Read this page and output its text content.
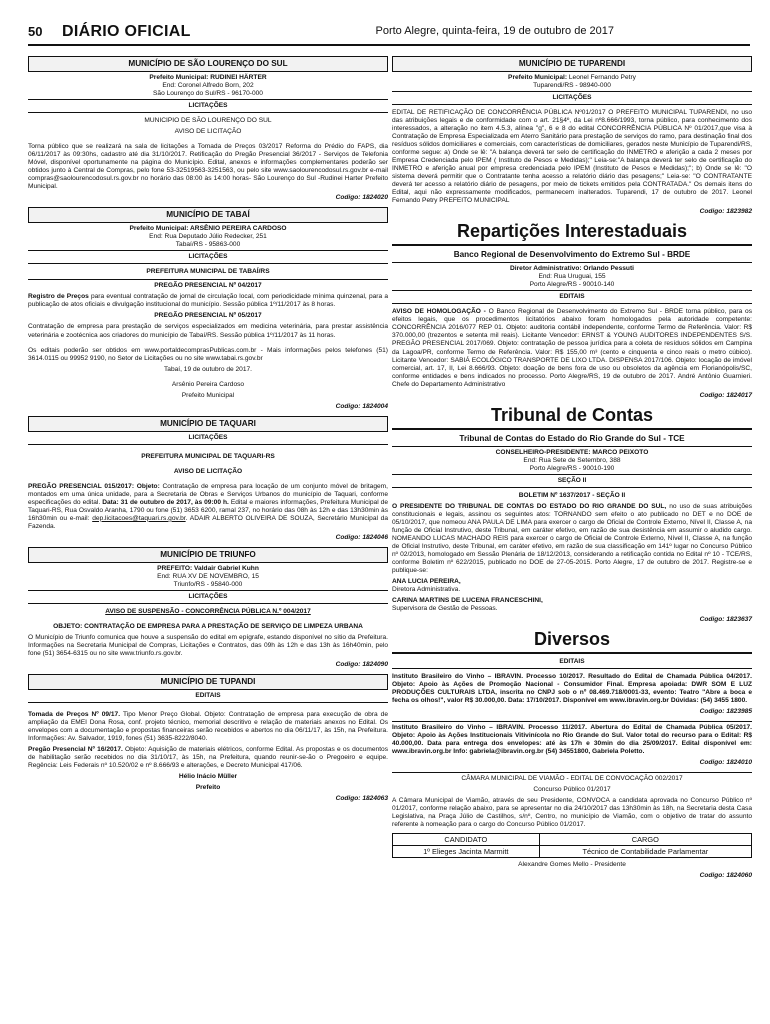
50 DIÁRIO OFICIAL	Porto Alegre, quinta-feira, 19 de outubro de 2017
MUNICÍPIO DE SÃO LOURENÇO DO SUL
Prefeito Municipal: RUDINEI HÄRTER
End: Coronel Alfredo Born, 202
São Lourenço do Sul/RS - 96170-000
LICITAÇÕES

MUNICIPIO DE SÃO LOURENÇO DO SUL

AVISO DE LICITAÇÃO

Torna público que se realizará na sala de licitações a Tomada de Preços 03/2017 Reforma do Prédio do FAPS, dia 06/11/2017 às 09:30hs, cadastro até dia 31/10/2017. Retificação do Pregão Presencial 36/2017 - Serviços de Telefonia Móvel, disponível oportunamente na página do Município. Edital, anexos e informações complementares poderão ser obtidos junto à Central de Compras, pelo fone 53-32519563-3251563, ou pelo site www.saolourencodosul.rs.gov.br e-mail compras@saolourencodosul.rs.gov.br no horário das 08:00 às 14:00 horas- São Lourenço do Sul -Rudinei Harter Prefeito Municipal.

Codigo: 1824020
MUNICÍPIO DE TABAÍ
Prefeito Municipal: ARSÊNIO PEREIRA CARDOSO
End: Rua Deputado Júlio Redecker, 251
Tabaí/RS - 95863-000
LICITAÇÕES

PREFEITURA MUNICIPAL DE TABAÍ/RS

PREGÃO PRESENCIAL Nº 04/2017

Registro de Preços para eventual contratação de jornal de circulação local, com periodicidade mínima quinzenal, para a publicação de atos oficiais e divulgação institucional do município. Sessão pública 1º/11/2017 às 8 horas.

PREGÃO PRESENCIAL Nº 05/2017

Contratação de empresa para prestação de serviços especializados em medicina veterinária, para prestar assistência veterinária e zootécnica aos criadores do município de Tabaí/RS. Sessão pública 1º/11/2017 às 11 horas.

Os editais poderão ser obtidos em www.portaldecomprasPublicas.com.br - Mais informações pelos telefones (51) 3614.0115 ou 99952 9190, no Setor de Licitações ou no site www.tabai.rs.gov.br

Tabaí, 19 de outubro de 2017.

Arsênio Pereira Cardoso

Prefeito Municipal

Codigo: 1824004
MUNICÍPIO DE TAQUARI
LICITAÇÕES

PREFEITURA MUNICIPAL DE TAQUARI-RS

AVISO DE LICITAÇÃO

PREGÃO PRESENCIAL 015/2017: Objeto: Contratação de empresa para locação de um conjunto móvel de britagem, montados em uma única unidade, para a Secretaria de Obras e Serviços Urbanos do município de Taquari, conforme especificações do edital. Data: 31 de outubro de 2017, às 09:00 h. Edital e maiores informações, Prefeitura Municipal de Taquari-RS, Rua Osvaldo Aranha, 1790 ou fone (51) 3653 6200, ramal 237, no horário das 08h às 12h e das 13h30min às 16h30min ou e-mail: dep.licitacoes@taquari.rs.gov.br. ADAIR ALBERTO OLIVEIRA DE SOUZA, Secretário Municipal da Fazenda.

Codigo: 1824046
MUNICÍPIO DE TRIUNFO
PREFEITO: Valdair Gabriel Kuhn
End: RUA XV DE NOVEMBRO, 15
Triunfo/RS - 95840-000
LICITAÇÕES

AVISO DE SUSPENSÃO - CONCORRÊNCIA PÚBLICA N.º 004/2017

OBJETO: CONTRATAÇÃO DE EMPRESA PARA A PRESTAÇÃO DE SERVIÇO DE LIMPEZA URBANA

O Município de Triunfo comunica que houve a suspensão do edital em epígrafe, estando disponível no sítio da Prefeitura. Informações na Secretaria Municipal de Compras, Licitações e Contratos, das 09h às 12h e das 13h às 16h40min, pelo fone (51) 3654-6315 ou no site www.triunfo.rs.gov.br.

Codigo: 1824090
MUNICÍPIO DE TUPANDI
EDITAIS

Tomada de Preços Nº 09/17. Tipo Menor Preço Global. Objeto: Contratação de empresa para execução de obra de ampliação da EMEI Dona Rosa, conf. projeto técnico, memorial descritivo e relação de materiais anexos no Edital. Os envelopes com a documentação e propostas financeiras serão recebidos e abertos no dia 06/11/17, às 15h, na Prefeitura. Informações: Av. Salvador, 1919, fones (51) 3635-8222/8040.

Pregão Presencial Nº 16/2017. Objeto: Aquisição de materiais elétricos, conforme Edital. As propostas e os documentos de habilitação serão recebidos no dia 31/10/17, às 15h, na Prefeitura, quando reunir-se-ão o Pregoeiro e equipe. Regência: Leis Federais nº 10.520/02 e nº 8.666/93 e alterações, e Decreto Municipal 417/06.

Hélio Inácio Müller

Prefeito

Codigo: 1824063
MUNICÍPIO DE TUPARENDI
Prefeito Municipal: Leonel Fernando Petry
Tuparendi/RS - 98940-000
LICITAÇÕES

EDITAL DE RETIFICAÇÃO DE CONCORRÊNCIA PÚBLICA Nº01/2017 O PREFEITO MUNICIPAL TUPARENDI, no uso das atribuições legais e de conformidade com o art. 21§4º, da Lei nº8.666/1993, torna público, para conhecimento dos interessados, a alteração no item 4.5.3, alínea "g", 6 e 8 do edital CONCORRÊNCIA PÚBLICA Nº 01/2017,que visa à Contratação de Empresa Especializada em Aterro Sanitário para prestação de serviços do ramo, para destinação final dos resíduos sólidos domiciliares e comerciais, com características de domiciliares, gerados neste Município de Tuparendi/RS, conforme segue: a) Onde se lê: "A balança deverá ter selo de certificação do INMETRO e aferição a cada 2 meses por Empresa Credenciada pelo IPEM ( Instituto de Pesos e Medidas);" Leia-se:"A balança deverá ter selo de certificação do INMETRO e aferição anual por empresa credenciada pelo IPEM (Instituto de Pesos e Medidas);"; b) Onde se lê: "O sistema deverá permitir que o Contratante tenha acesso a relatório diário das pesagens;" Leia-se: "O CONTRATANTE deverá ter acesso a relatório diário de pesagens, por meio de tickets emitidos pela CONTRATADA." Os demais itens do Edital, aqui não expressamente modificados, permanecem inalterados. Tuparendi, 17 de outubro de 2017. Leonel Fernando Petry PREFEITO MUNICIPAL

Codigo: 1823982
Repartições Interestaduais
Banco Regional de Desenvolvimento do Extremo Sul - BRDE
Diretor Administrativo: Orlando Pessuti
End: Rua Uruguai, 155
Porto Alegre/RS - 90010-140
EDITAIS

AVISO DE HOMOLOGAÇÃO - O Banco Regional de Desenvolvimento do Extremo Sul - BRDE torna público, para os efeitos legais, que os procedimentos licitatórios abaixo foram homologados pela autoridade competente: CONCORRÊNCIA 2016/077 REP 01. Objeto: auditoria contábil independente, conforme Termo de Referência. Valor: R$ 370.000,00 (trezentos e setenta mil reais). Licitante Vencedor: ERNST & YOUNG AUDITORES INDEPENDENTES S/S. PREGÃO PRESENCIAL 2017/069. Objeto: contratação de pessoa jurídica para a coleta de resíduos sólidos em Campina da Lagoa/PR, conforme Termo de Referência. Valor: R$ 155,00 m³ (cento e cinquenta e cinco reais o metro cúbico). Licitante Vencedor: SABIÁ ECOLÓGICO TRANSPORTE DE LIXO LTDA. DISPENSA 2017/106. Objeto: locação de imóvel comercial, art. 17, II, Lei 8.666/93. Objeto: doação de bens fora de uso ou obsoletos da agência em Florianópolis/SC, conforme entidades e bens indicados no processo. Porto Alegre/RS, 19 de outubro de 2017. André Antônio Guarnieri. Chefe do Departamento Administrativo

Codigo: 1824017
Tribunal de Contas
Tribunal de Contas do Estado do Rio Grande do Sul - TCE
CONSELHEIRO-PRESIDENTE: MARCO PEIXOTO
End: Rua Sete de Setembro, 388
Porto Alegre/RS - 90010-190
SEÇÃO II

BOLETIM Nº 1637/2017 - SEÇÃO II

O PRESIDENTE DO TRIBUNAL DE CONTAS DO ESTADO DO RIO GRANDE DO SUL, no uso de suas atribuições constitucionais e legais, assinou os seguintes atos: TORNANDO sem efeito o ato publicado no DET e no DOE de 05/10/2017, que nomeou ANA PAULA DE LIMA para exercer o cargo de Oficial de Controle Externo, Nível II, Classe A, na função de Oficial Instrutivo, deste Tribunal, em caráter efetivo, em razão de sua desistência em assumir o aludido cargo. NOMEANDO LUCAS MACHADO REIS para exercer o cargo de Oficial de Controle Externo, Nível II, Classe A, na função de Oficial Instrutivo, deste Tribunal, em caráter efetivo, em razão de sua classificação em 141º lugar no Concurso Público nº 02/2013, homologado em Sessão Plenária de 18/12/2013, considerando a retificação contida no Edital nº 10 - TCE/RS, conforme Boletim nº 622/2015, publicado no DOE de 27-05-2015. Porto Alegre, 17 de outubro de 2017. Registre-se e publique-se:

ANA LUCIA PEREIRA,
Diretora Administrativa.

CARINA MARTINS DE LUCENA FRANCESCHINI,
Supervisora de Gestão de Pessoas.

Codigo: 1823637
Diversos
EDITAIS

Instituto Brasileiro do Vinho – IBRAVIN. Processo 10/2017. Resultado do Edital de Chamada Pública 04/2017. Objeto: Apoio às Ações de Promoção Nacional - Consumidor Final. Empresa apoiada: DWR SOM E LUZ PRODUÇÕES CULTURAIS LTDA, inscrita no CNPJ sob o nº 08.469.718/0001-33, evento: Teatro "Abre a boca e fecha os olhos!", valor R$ 30.000,00. Data: 17/10/2017. Disponível em www.ibravin.org.br Dúvidas: (54) 3455 1800.

Codigo: 1823985

Instituto Brasileiro do Vinho – IBRAVIN. Processo 11/2017. Abertura do Edital de Chamada Pública 05/2017. Objeto: Apoio às Ações Institucionais Vitivinícola no Rio Grande do Sul. Valor total do recurso para o Edital: R$ 40.000,00. Data para entrega dos envelopes: até às 17h e 30min do dia 25/09/2017. Edital disponível em: www.ibravin.org.br Info: gabriela@ibravin.org.br (54) 34551800, Gabriela Poletto.

Codigo: 1824010

CÂMARA MUNICIPAL DE VIAMÃO - EDITAL DE CONVOCAÇÃO 002/2017

Concurso Público 01/2017

A Câmara Municipal de Viamão, através de seu Presidente, CONVOCA a candidata aprovada no Concurso Público nº 01/2017, conforme relação abaixo, para se apresentar no dia 24/10/2017 das 13h30min às 18h, na Secretaria desta Casa Legislativa, na Praça Júlio de Castilhos, s/nº, Centro, no município de Viamão, com o objetivo de tratar do assunto referente à nomeação para o cargo do Concurso Público 01/2017.

CANDIDATO	CARGO
1º Elieges Jacinta Marmitt	Técnico de Contabilidade Parlamentar

Alexandre Gomes Mello - Presidente

Codigo: 1824060
